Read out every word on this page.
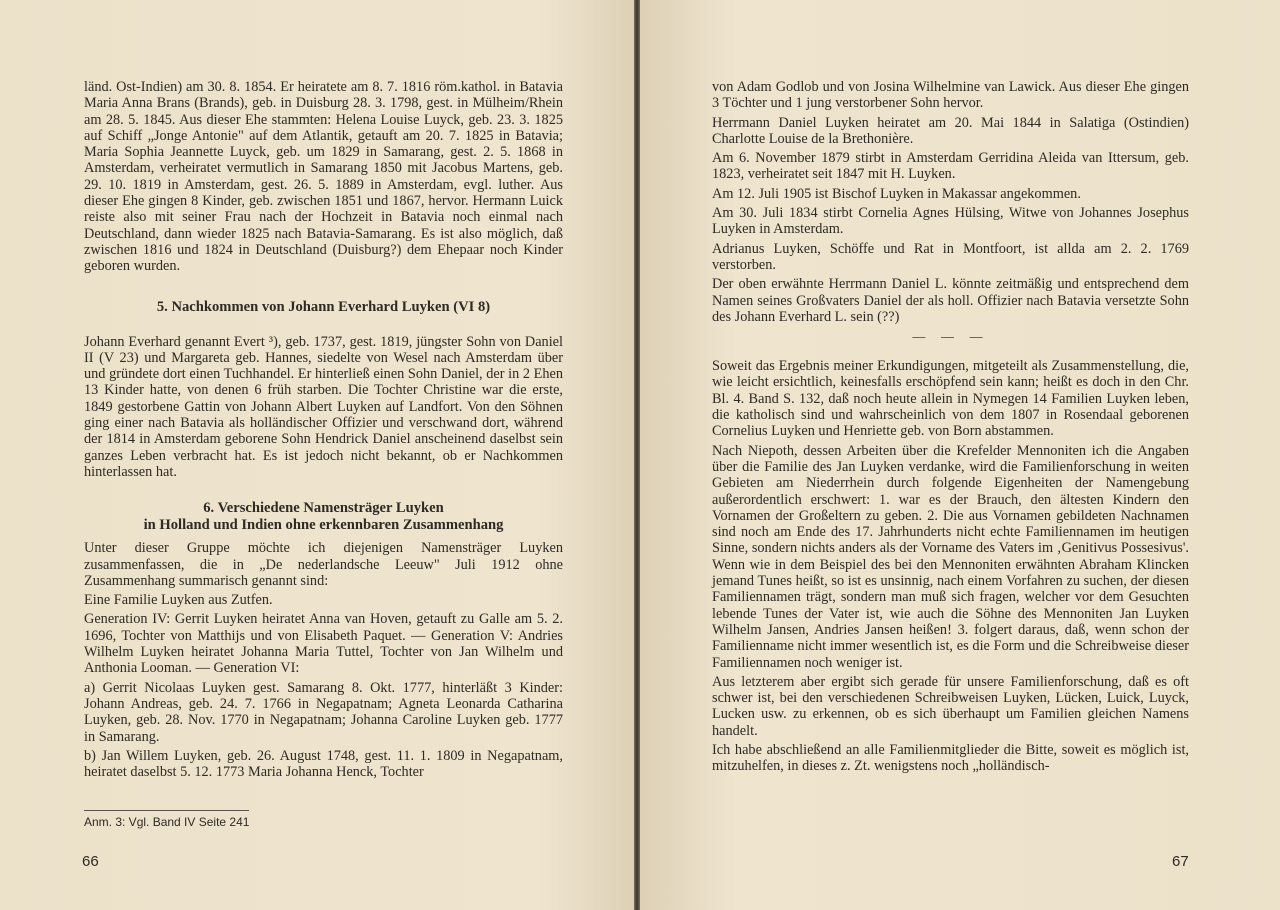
länd. Ost-Indien) am 30. 8. 1854. Er heiratete am 8. 7. 1816 röm.kathol. in Batavia Maria Anna Brans (Brands), geb. in Duisburg 28. 3. 1798, gest. in Mülheim/Rhein am 28. 5. 1845. Aus dieser Ehe stammten: Helena Louise Luyck, geb. 23. 3. 1825 auf Schiff „Jonge Antonie" auf dem Atlantik, getauft am 20. 7. 1825 in Batavia; Maria Sophia Jeannette Luyck, geb. um 1829 in Samarang, gest. 2. 5. 1868 in Amsterdam, verheiratet vermutlich in Samarang 1850 mit Jacobus Martens, geb. 29. 10. 1819 in Amsterdam, gest. 26. 5. 1889 in Amsterdam, evgl. luther. Aus dieser Ehe gingen 8 Kinder, geb. zwischen 1851 und 1867, hervor. Hermann Luick reiste also mit seiner Frau nach der Hochzeit in Batavia noch einmal nach Deutschland, dann wieder 1825 nach Batavia-Samarang. Es ist also möglich, daß zwischen 1816 und 1824 in Deutschland (Duisburg?) dem Ehepaar noch Kinder geboren wurden.

5. Nachkommen von Johann Everhard Luyken (VI 8)

Johann Everhard genannt Evert ³), geb. 1737, gest. 1819, jüngster Sohn von Daniel II (V 23) und Margareta geb. Hannes, siedelte von Wesel nach Amsterdam über und gründete dort einen Tuchhandel. Er hinterließ einen Sohn Daniel, der in 2 Ehen 13 Kinder hatte, von denen 6 früh starben. Die Tochter Christine war die erste, 1849 gestorbene Gattin von Johann Albert Luyken auf Landfort. Von den Söhnen ging einer nach Batavia als holländischer Offizier und verschwand dort, während der 1814 in Amsterdam geborene Sohn Hendrick Daniel anscheinend daselbst sein ganzes Leben verbracht hat. Es ist jedoch nicht bekannt, ob er Nachkommen hinterlassen hat.

6. Verschiedene Namensträger Luyken
in Holland und Indien ohne erkennbaren Zusammenhang

Unter dieser Gruppe möchte ich diejenigen Namensträger Luyken zusammenfassen, die in „De nederlandsche Leeuw" Juli 1912 ohne Zusammenhang summarisch genannt sind:

Eine Familie Luyken aus Zutfen.

Generation IV: Gerrit Luyken heiratet Anna van Hoven, getauft zu Galle am 5. 2. 1696, Tochter von Matthijs und von Elisabeth Paquet. — Generation V: Andries Wilhelm Luyken heiratet Johanna Maria Tuttel, Tochter von Jan Wilhelm und Anthonia Looman. — Generation VI:

a) Gerrit Nicolaas Luyken gest. Samarang 8. Okt. 1777, hinterläßt 3 Kinder: Johann Andreas, geb. 24. 7. 1766 in Negapatnam; Agneta Leonarda Catharina Luyken, geb. 28. Nov. 1770 in Negapatnam; Johanna Caroline Luyken geb. 1777 in Samarang.

b) Jan Willem Luyken, geb. 26. August 1748, gest. 11. 1. 1809 in Negapatnam, heiratet daselbst 5. 12. 1773 Maria Johanna Henck, Tochter

Anm. 3: Vgl. Band IV Seite 241
66

von Adam Godlob und von Josina Wilhelmine van Lawick. Aus dieser Ehe gingen 3 Töchter und 1 jung verstorbener Sohn hervor.

Herrmann Daniel Luyken heiratet am 20. Mai 1844 in Salatiga (Ostindien) Charlotte Louise de la Brethonière.

Am 6. November 1879 stirbt in Amsterdam Gerridina Aleida van Ittersum, geb. 1823, verheiratet seit 1847 mit H. Luyken.

Am 12. Juli 1905 ist Bischof Luyken in Makassar angekommen.

Am 30. Juli 1834 stirbt Cornelia Agnes Hülsing, Witwe von Johannes Josephus Luyken in Amsterdam.

Adrianus Luyken, Schöffe und Rat in Montfoort, ist allda am 2. 2. 1769 verstorben.

Der oben erwähnte Herrmann Daniel L. könnte zeitmäßig und entsprechend dem Namen seines Großvaters Daniel der als holl. Offizier nach Batavia versetzte Sohn des Johann Everhard L. sein (??)

— — —

Soweit das Ergebnis meiner Erkundigungen, mitgeteilt als Zusammenstellung, die, wie leicht ersichtlich, keinesfalls erschöpfend sein kann; heißt es doch in den Chr. Bl. 4. Band S. 132, daß noch heute allein in Nymegen 14 Familien Luyken leben, die katholisch sind und wahrscheinlich von dem 1807 in Rosendaal geborenen Cornelius Luyken und Henriette geb. von Born abstammen.

Nach Niepoth, dessen Arbeiten über die Krefelder Mennoniten ich die Angaben über die Familie des Jan Luyken verdanke, wird die Familienforschung in weiten Gebieten am Niederrhein durch folgende Eigenheiten der Namengebung außerordentlich erschwert: 1. war es der Brauch, den ältesten Kindern den Vornamen der Großeltern zu geben. 2. Die aus Vornamen gebildeten Nachnamen sind noch am Ende des 17. Jahrhunderts nicht echte Familiennamen im heutigen Sinne, sondern nichts anders als der Vorname des Vaters im ‚Genitivus Possesivus'. Wenn wie in dem Beispiel des bei den Mennoniten erwähnten Abraham Klincken jemand Tunes heißt, so ist es unsinnig, nach einem Vorfahren zu suchen, der diesen Familiennamen trägt, sondern man muß sich fragen, welcher vor dem Gesuchten lebende Tunes der Vater ist, wie auch die Söhne des Mennoniten Jan Luyken Wilhelm Jansen, Andries Jansen heißen! 3. folgert daraus, daß, wenn schon der Familienname nicht immer wesentlich ist, es die Form und die Schreibweise dieser Familiennamen noch weniger ist.

Aus letzterem aber ergibt sich gerade für unsere Familienforschung, daß es oft schwer ist, bei den verschiedenen Schreibweisen Luyken, Lücken, Luick, Luyck, Lucken usw. zu erkennen, ob es sich überhaupt um Familien gleichen Namens handelt.

Ich habe abschließend an alle Familienmitglieder die Bitte, soweit es möglich ist, mitzuhelfen, in dieses z. Zt. wenigstens noch „holländisch-

67
